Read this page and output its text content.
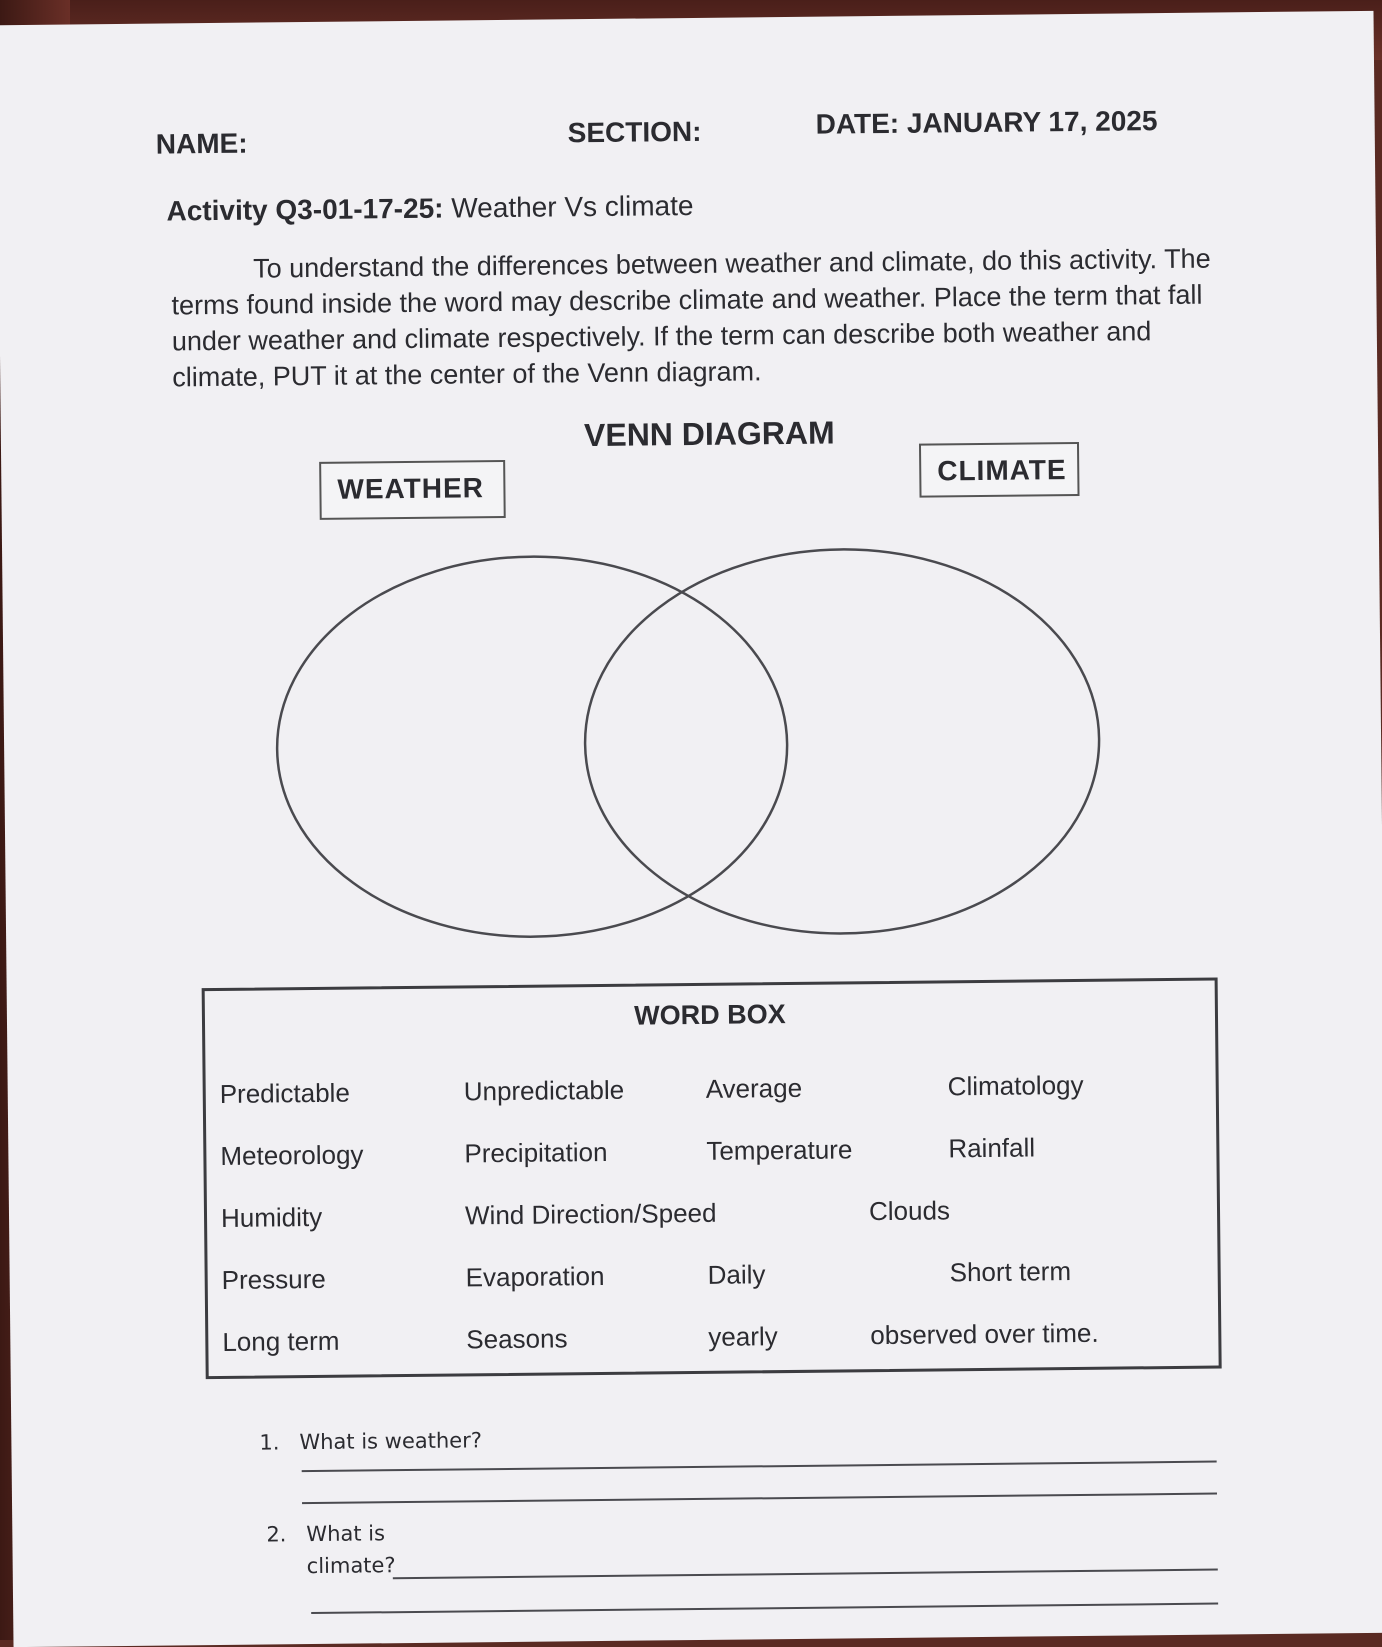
NAME:	SECTION:	DATE: JANUARY 17, 2025
Activity Q3-01-17-25: Weather Vs climate

To understand the differences between weather and climate, do this activity. The terms found inside the word may describe climate and weather. Place the term that fall under weather and climate respectively. If the term can describe both weather and climate, PUT it at the center of the Venn diagram.

VENN DIAGRAM
WEATHER
CLIMATE
WORD BOX
Predictable	Unpredictable	Average	Climatology
Meteorology	Precipitation	Temperature	Rainfall
Humidity	Wind Direction/Speed	Clouds
Pressure	Evaporation	Daily	Short term
Long term	Seasons	yearly	observed over time.
1. What is weather?
2. What is
climate?
